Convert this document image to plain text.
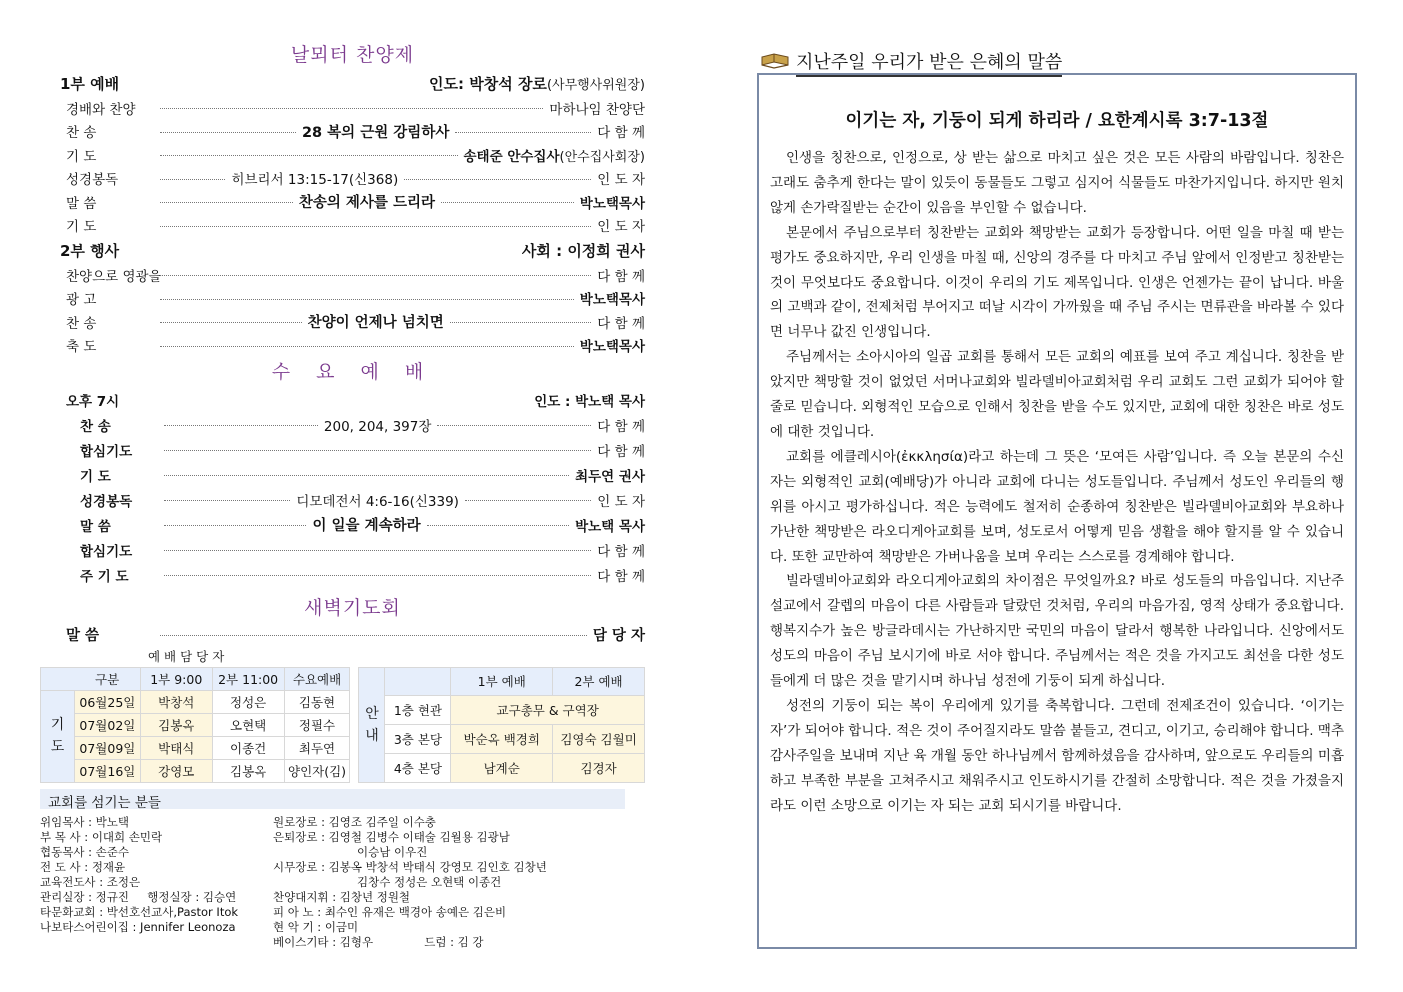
날뫼터 찬양제
1부 예배	인도: 박창석 장로(사무행사위원장)
경배와 찬양	마하나임 찬양단
찬 송	28 복의 근원 강림하사	다 함 께
기 도	송태준 안수집사(안수집사회장)
성경봉독	히브리서 13:15-17(신368)	인 도 자
말 씀	찬송의 제사를 드리라	박노택목사
기 도	인 도 자
2부 행사	사회 : 이정희 권사
찬양으로 영광을	다 함 께
광 고	박노택목사
찬 송	찬양이 언제나 넘치면	다 함 께
축 도	박노택목사
수 요 예 배
오후 7시	인도 : 박노택 목사
찬 송	200, 204, 397장	다 함 께
합심기도	다 함 께
기 도	최두연 권사
성경봉독	디모데전서 4:6-16(신339)	인 도 자
말 씀	이 일을 계속하라	박노택 목사
합심기도	다 함 께
주 기 도	다 함 께
새벽기도회
말 씀	담 당 자
예 배 담 당 자
	구분	1부 9:00	2부 11:00	수요예배
기도	06월25일	박창석	정성은	김동현
	07월02일	김봉옥	오현택	정필수
	07월09일	박태식	이종건	최두연
	07월16일	강영모	김봉옥	양인자(김)
안내		1부 예배	2부 예배
	1층 현관	교구총무 & 구역장	
	3층 본당	박순옥 백경희	김영숙 김월미
	4층 본당	남계순	김경자
교회를 섬기는 분들
위임목사 : 박노택
부 목 사 : 이대희 손민락
협동목사 : 손준수
전 도 사 : 정재윤
교육전도사 : 조정은
관리실장 : 정규진     행정실장 : 김승연
타문화교회 : 박선호선교사,Pastor Itok
나보타스어린이집 : Jennifer Leonoza
원로장로 : 김영조 김주일 이수충
은퇴장로 : 김영철 김병수 이태술 김월용 김광남
이승남 이우진
시무장로 : 김봉옥 박창석 박태식 강영모 김인호 김창년
김창수 정성은 오현택 이종건
찬양대지휘 : 김창년 정원철
피 아 노 : 최수인 유재은 백경아 송예은 김은비
현 악 기 : 이금미
베이스기타 : 김형우              드럼 : 김 강
지난주일 우리가 받은 은혜의 말씀
이기는 자, 기둥이 되게 하리라 / 요한계시록 3:7-13절

인생을 칭찬으로, 인정으로, 상 받는 삶으로 마치고 싶은 것은 모든 사람의 바람입니다. 칭찬은 고래도 춤추게 한다는 말이 있듯이 동물들도 그렇고 심지어 식물들도 마찬가지입니다. 하지만 원치 않게 손가락질받는 순간이 있음을 부인할 수 없습니다.

본문에서 주님으로부터 칭찬받는 교회와 책망받는 교회가 등장합니다. 어떤 일을 마칠 때 받는 평가도 중요하지만, 우리 인생을 마칠 때, 신앙의 경주를 다 마치고 주님 앞에서 인정받고 칭찬받는 것이 무엇보다도 중요합니다. 이것이 우리의 기도 제목입니다. 인생은 언젠가는 끝이 납니다. 바울의 고백과 같이, 전제처럼 부어지고 떠날 시각이 가까웠을 때 주님 주시는 면류관을 바라볼 수 있다면 너무나 값진 인생입니다.

주님께서는 소아시아의 일곱 교회를 통해서 모든 교회의 예표를 보여 주고 계십니다. 칭찬을 받았지만 책망할 것이 없었던 서머나교회와 빌라델비아교회처럼 우리 교회도 그런 교회가 되어야 할 줄로 믿습니다. 외형적인 모습으로 인해서 칭찬을 받을 수도 있지만, 교회에 대한 칭찬은 바로 성도에 대한 것입니다.

교회를 에클레시아(ἐκκλησία)라고 하는데 그 뜻은 ‘모여든 사람’입니다. 즉 오늘 본문의 수신자는 외형적인 교회(예배당)가 아니라 교회에 다니는 성도들입니다. 주님께서 성도인 우리들의 행위를 아시고 평가하십니다. 적은 능력에도 철저히 순종하여 칭찬받은 빌라델비아교회와 부요하나 가난한 책망받은 라오디게아교회를 보며, 성도로서 어떻게 믿음 생활을 해야 할지를 알 수 있습니다. 또한 교만하여 책망받은 가버나움을 보며 우리는 스스로를 경계해야 합니다.

빌라델비아교회와 라오디게아교회의 차이점은 무엇일까요? 바로 성도들의 마음입니다. 지난주 설교에서 갈렙의 마음이 다른 사람들과 달랐던 것처럼, 우리의 마음가짐, 영적 상태가 중요합니다. 행복지수가 높은 방글라데시는 가난하지만 국민의 마음이 달라서 행복한 나라입니다. 신앙에서도 성도의 마음이 주님 보시기에 바로 서야 합니다. 주님께서는 적은 것을 가지고도 최선을 다한 성도들에게 더 많은 것을 맡기시며 하나님 성전에 기둥이 되게 하십니다.

성전의 기둥이 되는 복이 우리에게 있기를 축복합니다. 그런데 전제조건이 있습니다. ‘이기는 자’가 되어야 합니다. 적은 것이 주어질지라도 말씀 붙들고, 견디고, 이기고, 승리해야 합니다. 맥추감사주일을 보내며 지난 육 개월 동안 하나님께서 함께하셨음을 감사하며, 앞으로도 우리들의 미흡하고 부족한 부분을 고쳐주시고 채워주시고 인도하시기를 간절히 소망합니다. 적은 것을 가졌을지라도 이런 소망으로 이기는 자 되는 교회 되시기를 바랍니다.
